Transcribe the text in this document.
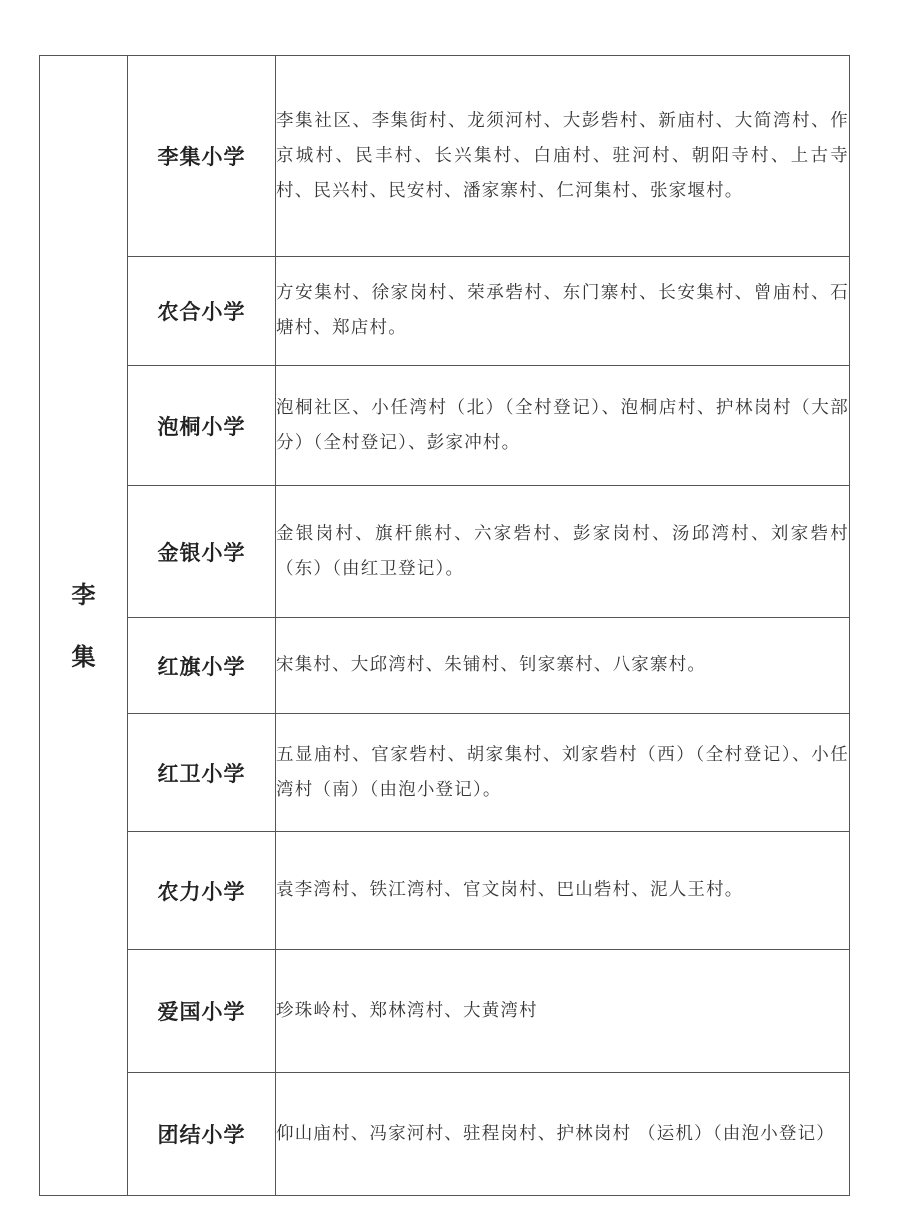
李
集	李集小学	李集社区、李集街村、龙须河村、大彭砦村、新庙村、大简湾村、作京城村、民丰村、长兴集村、白庙村、驻河村、朝阳寺村、上古寺村、民兴村、民安村、潘家寨村、仁河集村、张家堰村。
	农合小学	方安集村、徐家岗村、荣承砦村、东门寨村、长安集村、曾庙村、石塘村、郑店村。
	泡桐小学	泡桐社区、小任湾村（北）（全村登记）、泡桐店村、护林岗村（大部分）（全村登记）、彭家冲村。
	金银小学	金银岗村、旗杆熊村、六家砦村、彭家岗村、汤邱湾村、刘家砦村（东）（由红卫登记）。
	红旗小学	宋集村、大邱湾村、朱铺村、钊家寨村、八家寨村。
	红卫小学	五显庙村、官家砦村、胡家集村、刘家砦村（西）（全村登记）、小任湾村（南）（由泡小登记）。
	农力小学	袁李湾村、铁江湾村、官文岗村、巴山砦村、泥人王村。
	爱国小学	珍珠岭村、郑林湾村、大黄湾村
	团结小学	仰山庙村、冯家河村、驻程岗村、护林岗村 （运机）（由泡小登记）
